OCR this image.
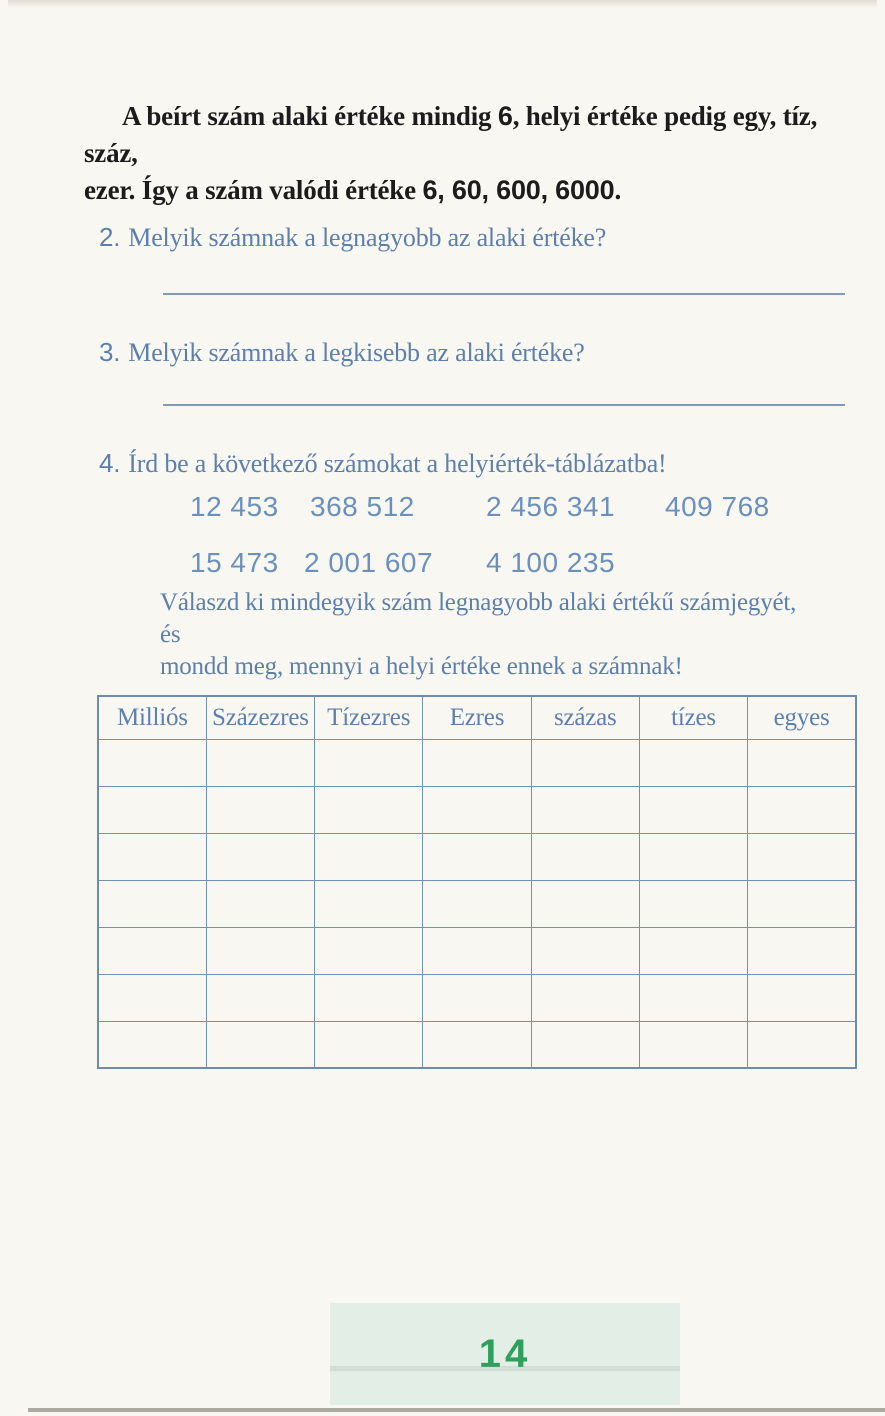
A beírt szám alaki értéke mindig 6, helyi értéke pedig egy, tíz, száz,
ezer. Így a szám valódi értéke 6, 60, 600, 6000.
2. Melyik számnak a legnagyobb az alaki értéke?
3. Melyik számnak a legkisebb az alaki értéke?
4. Írd be a következő számokat a helyiérték-táblázatba!
12 453 368 512	2 456 341 409 768
15 473 2 001 607 4 100 235
Válaszd ki mindegyik szám legnagyobb alaki értékű számjegyét, és
mondd meg, mennyi a helyi értéke ennek a számnak!
Milliós	Százezres	Tízezres	Ezres	százas	tízes	egyes

14
